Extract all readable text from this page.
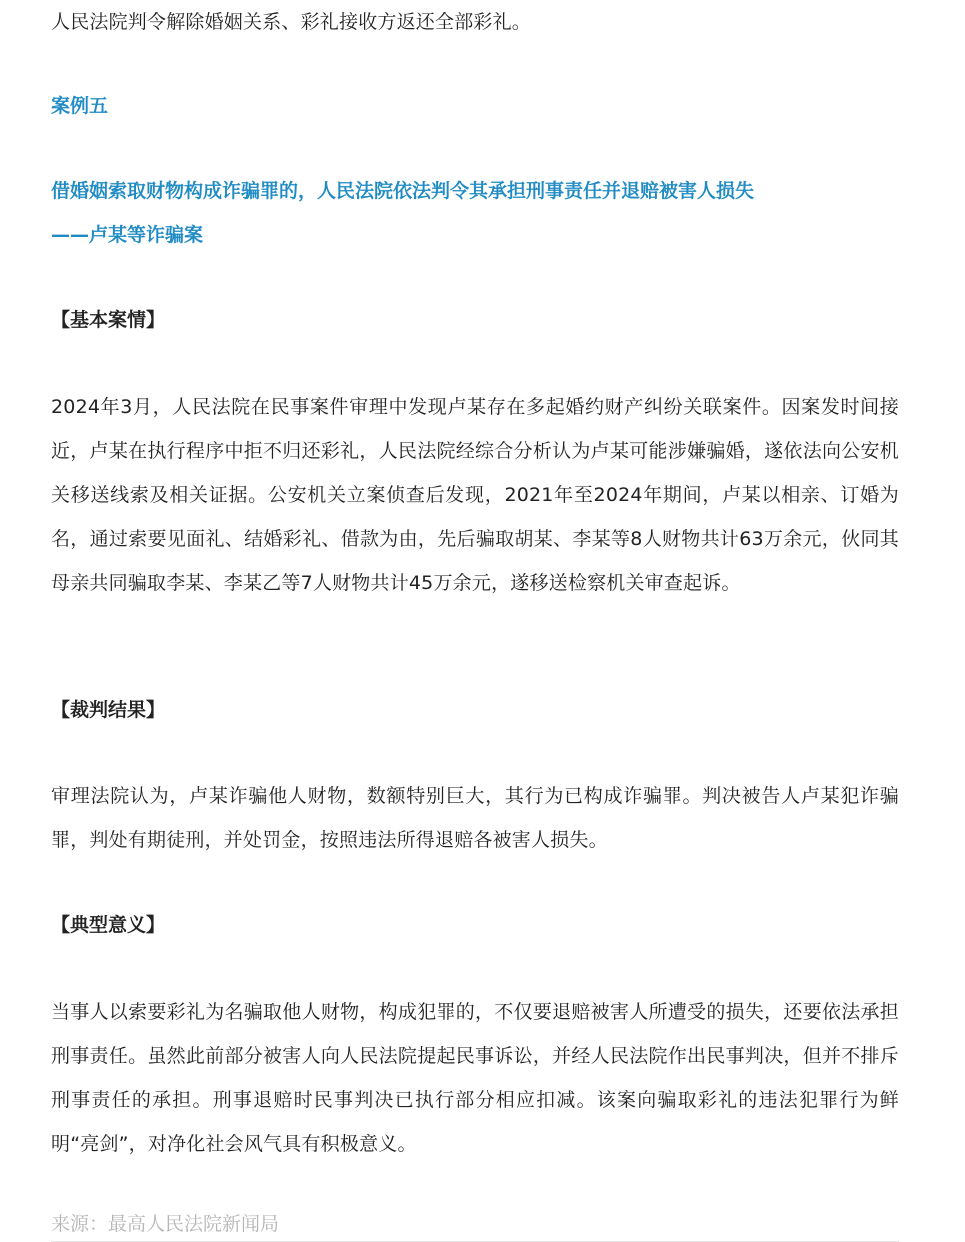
人民法院判令解除婚姻关系、彩礼接收方返还全部彩礼。

案例五

借婚姻索取财物构成诈骗罪的，人民法院依法判令其承担刑事责任并退赔被害人损失

——卢某等诈骗案

【基本案情】

2024年3月，人民法院在民事案件审理中发现卢某存在多起婚约财产纠纷关联案件。因案发时间接近，卢某在执行程序中拒不归还彩礼，人民法院经综合分析认为卢某可能涉嫌骗婚，遂依法向公安机关移送线索及相关证据。公安机关立案侦查后发现，2021年至2024年期间，卢某以相亲、订婚为名，通过索要见面礼、结婚彩礼、借款为由，先后骗取胡某、李某等8人财物共计63万余元，伙同其母亲共同骗取李某、李某乙等7人财物共计45万余元，遂移送检察机关审查起诉。

【裁判结果】

审理法院认为，卢某诈骗他人财物，数额特别巨大，其行为已构成诈骗罪。判决被告人卢某犯诈骗罪，判处有期徒刑，并处罚金，按照违法所得退赔各被害人损失。

【典型意义】

当事人以索要彩礼为名骗取他人财物，构成犯罪的，不仅要退赔被害人所遭受的损失，还要依法承担刑事责任。虽然此前部分被害人向人民法院提起民事诉讼，并经人民法院作出民事判决，但并不排斥刑事责任的承担。刑事退赔时民事判决已执行部分相应扣减。该案向骗取彩礼的违法犯罪行为鲜明“亮剑”，对净化社会风气具有积极意义。

来源：最高人民法院新闻局
